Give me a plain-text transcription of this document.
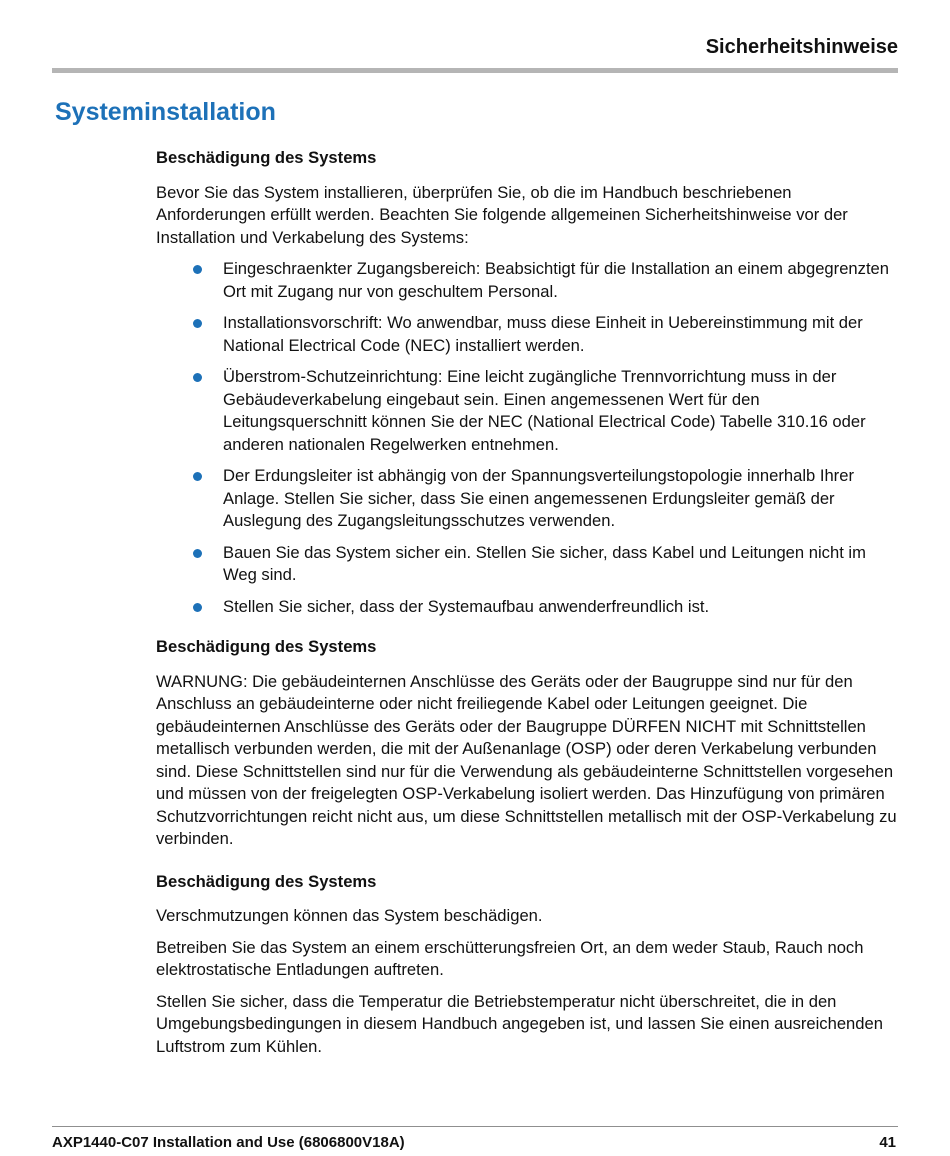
Sicherheitshinweise
Systeminstallation
Beschädigung des Systems

Bevor Sie das System installieren, überprüfen Sie, ob die im Handbuch beschriebenen Anforderungen erfüllt werden. Beachten Sie folgende allgemeinen Sicherheitshinweise vor der Installation und Verkabelung des Systems:

Eingeschraenkter Zugangsbereich: Beabsichtigt für die Installation an einem abgegrenzten Ort mit Zugang nur von geschultem Personal.
Installationsvorschrift: Wo anwendbar, muss diese Einheit in Uebereinstimmung mit der National Electrical Code (NEC) installiert werden.
Überstrom-Schutzeinrichtung: Eine leicht zugängliche Trennvorrichtung muss in der Gebäudeverkabelung eingebaut sein. Einen angemessenen Wert für den Leitungsquerschnitt können Sie der NEC (National Electrical Code) Tabelle 310.16 oder anderen nationalen Regelwerken entnehmen.
Der Erdungsleiter ist abhängig von der Spannungsverteilungstopologie innerhalb Ihrer Anlage. Stellen Sie sicher, dass Sie einen angemessenen Erdungsleiter gemäß der Auslegung des Zugangsleitungsschutzes verwenden.
Bauen Sie das System sicher ein. Stellen Sie sicher, dass Kabel und Leitungen nicht im Weg sind.
Stellen Sie sicher, dass der Systemaufbau anwenderfreundlich ist.
Beschädigung des Systems

WARNUNG: Die gebäudeinternen Anschlüsse des Geräts oder der Baugruppe sind nur für den Anschluss an gebäudeinterne oder nicht freiliegende Kabel oder Leitungen geeignet. Die gebäudeinternen Anschlüsse des Geräts oder der Baugruppe DÜRFEN NICHT mit Schnittstellen metallisch verbunden werden, die mit der Außenanlage (OSP) oder deren Verkabelung verbunden sind. Diese Schnittstellen sind nur für die Verwendung als gebäudeinterne Schnittstellen vorgesehen und müssen von der freigelegten OSP-Verkabelung isoliert werden. Das Hinzufügung von primären Schutzvorrichtungen reicht nicht aus, um diese Schnittstellen metallisch mit der OSP-Verkabelung zu verbinden.

Beschädigung des Systems

Verschmutzungen können das System beschädigen.

Betreiben Sie das System an einem erschütterungsfreien Ort, an dem weder Staub, Rauch noch elektrostatische Entladungen auftreten.

Stellen Sie sicher, dass die Temperatur die Betriebstemperatur nicht überschreitet, die in den Umgebungsbedingungen in diesem Handbuch angegeben ist, und lassen Sie einen ausreichenden Luftstrom zum Kühlen.

AXP1440-C07 Installation and Use (6806800V18A)	41
